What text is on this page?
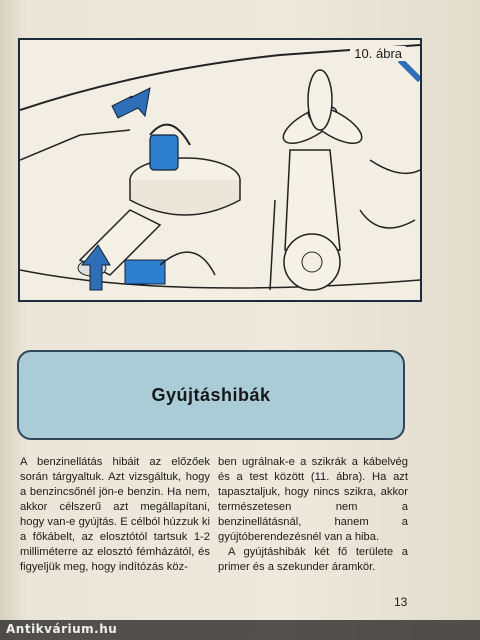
10. ábra
Gyújtáshibák

A benzinellátás hibáit az előzőek során tárgyaltuk. Azt vizsgáltuk, hogy a benzincsőnél jön-e benzin. Ha nem, akkor célszerű azt megállapítani, hogy van-e gyújtás. E célból húzzuk ki a főkábelt, az elosztótól tartsuk 1-2 milliméterre az elosztó fémházától, és figyeljük meg, hogy indítózás köz-

ben ugrálnak-e a szikrák a kábelvég és a test között (11. ábra). Ha azt tapasztaljuk, hogy nincs szikra, akkor természetesen nem a benzinellátásnál, hanem a gyújtóberendezésnél van a hiba.

A gyújtáshibák két fő területe a primer és a szekunder áramkör.

13
Antikvárium.hu
